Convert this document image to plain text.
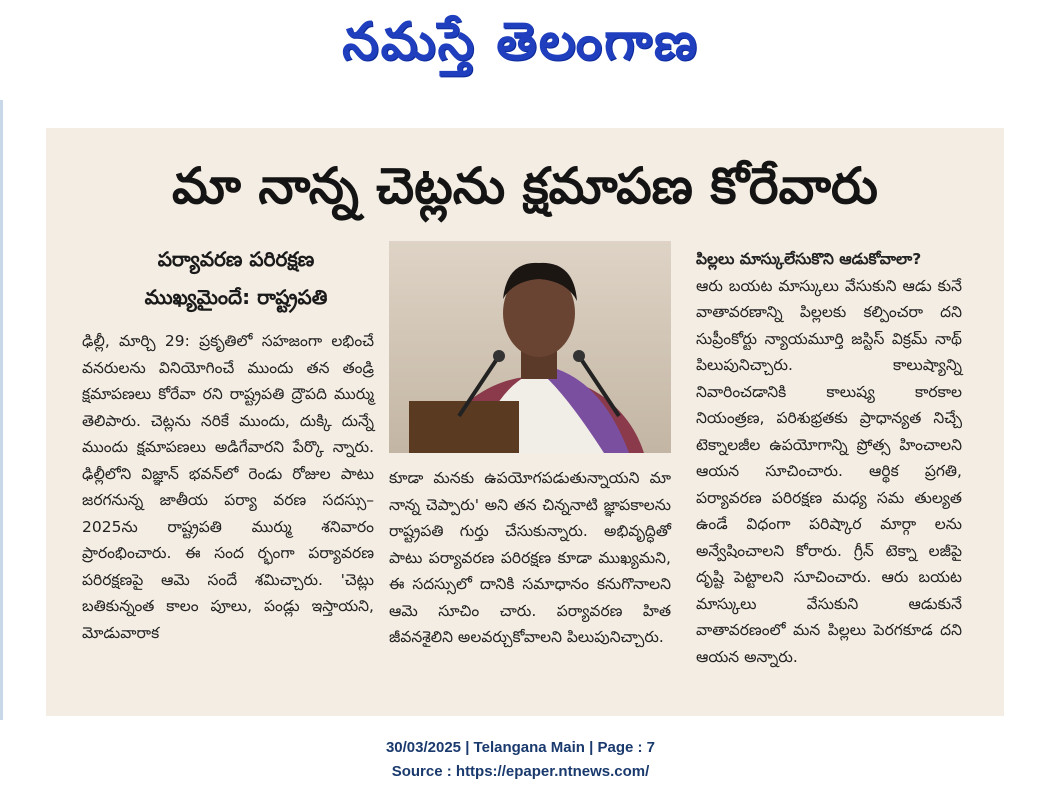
నమస్తే తెలంగాణ
మా నాన్న చెట్లను క్షమాపణ కోరేవారు
పర్యావరణ పరిరక్షణ
ముఖ్యమైందే: రాష్ట్రపతి

ఢిల్లీ, మార్చి 29: ప్రకృతిలో సహజంగా లభించే వనరులను వినియోగించే ముందు తన తండ్రి క్షమాపణలు కోరేవా రని రాష్ట్రపతి ద్రౌపది ముర్ము తెలిపారు. చెట్లను నరికే ముందు, దుక్కి దున్నే ముందు క్షమాపణలు అడిగేవారని పేర్కొ న్నారు. ఢిల్లీలోని విజ్ఞాన్ భవన్‌లో రెండు రోజుల పాటు జరగనున్న జాతీయ పర్యా వరణ సదస్సు–2025ను రాష్ట్రపతి ముర్ము శనివారం ప్రారంభించారు. ఈ సంద ర్భంగా పర్యావరణ పరిరక్షణపై ఆమె సందే శమిచ్చారు. 'చెట్లు బతికున్నంత కాలం పూలు, పండ్లు ఇస్తాయని, మోడువారాక

కూడా మనకు ఉపయోగపడుతున్నాయని మా నాన్న చెప్పారు' అని తన చిన్ననాటి జ్ఞాపకాలను రాష్ట్రపతి గుర్తు చేసుకున్నారు. అభివృద్ధితో పాటు పర్యావరణ పరిరక్షణ కూడా ముఖ్యమని, ఈ సదస్సులో దానికి సమాధానం కనుగొనాలని ఆమె సూచిం చారు. పర్యావరణ హిత జీవనశైలిని అలవర్చుకోవాలని పిలుపునిచ్చారు.

పిల్లలు మాస్కులేసుకొని ఆడుకోవాలా?

ఆరు బయట మాస్కులు వేసుకుని ఆడు కునే వాతావరణాన్ని పిల్లలకు కల్పించరా దని సుప్రీంకోర్టు న్యాయమూర్తి జస్టిస్ విక్రమ్ నాథ్ పిలుపునిచ్చారు. కాలుష్యాన్ని నివారించడానికి కాలుష్య కారకాల నియంత్రణ, పరిశుభ్రతకు ప్రాధాన్యత నిచ్చే టెక్నాలజీల ఉపయోగాన్ని ప్రోత్స హించాలని ఆయన సూచించారు. ఆర్థిక ప్రగతి, పర్యావరణ పరిరక్షణ మధ్య సమ తుల్యత ఉండే విధంగా పరిష్కార మార్గా లను అన్వేషించాలని కోరారు. గ్రీన్ టెక్నా లజీపై దృష్టి పెట్టాలని సూచించారు. ఆరు బయట మాస్కులు వేసుకుని ఆడుకునే వాతావరణంలో మన పిల్లలు పెరగకూడ దని ఆయన అన్నారు.

30/03/2025 | Telangana Main | Page : 7
Source : https://epaper.ntnews.com/
